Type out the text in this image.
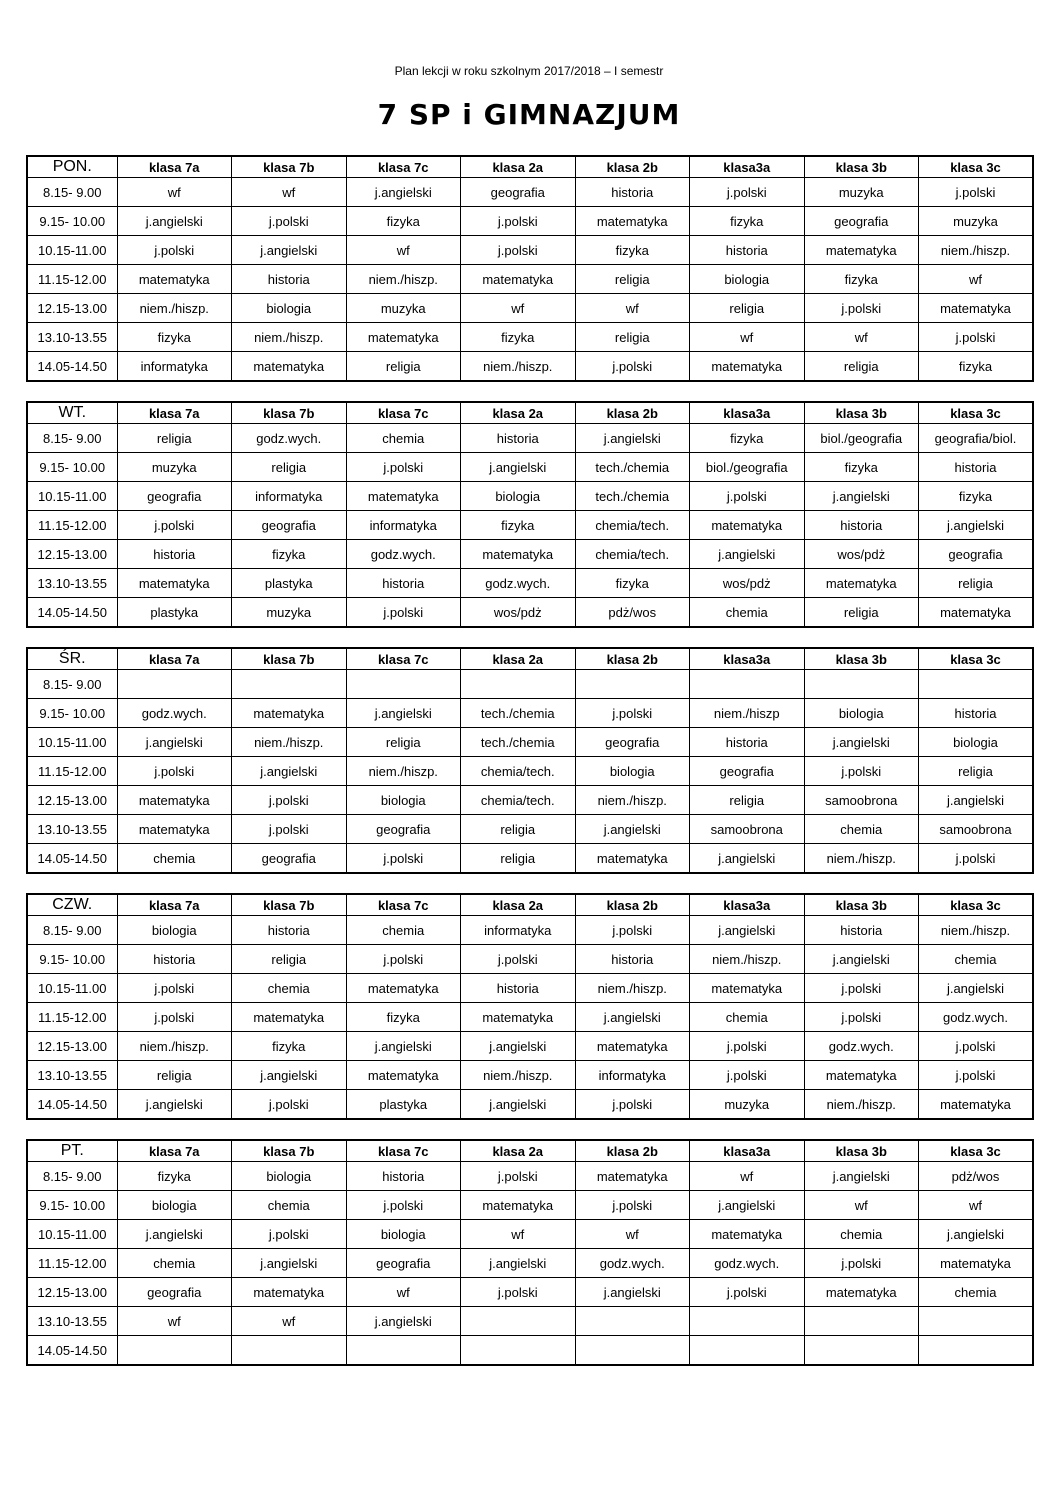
Plan lekcji w roku szkolnym 2017/2018 – I semestr
7 SP i GIMNAZJUM
PON.	klasa 7a	klasa 7b	klasa 7c	klasa 2a	klasa 2b	klasa3a	klasa 3b	klasa 3c
8.15- 9.00	wf	wf	j.angielski	geografia	historia	j.polski	muzyka	j.polski
9.15- 10.00	j.angielski	j.polski	fizyka	j.polski	matematyka	fizyka	geografia	muzyka
10.15-11.00	j.polski	j.angielski	wf	j.polski	fizyka	historia	matematyka	niem./hiszp.
11.15-12.00	matematyka	historia	niem./hiszp.	matematyka	religia	biologia	fizyka	wf
12.15-13.00	niem./hiszp.	biologia	muzyka	wf	wf	religia	j.polski	matematyka
13.10-13.55	fizyka	niem./hiszp.	matematyka	fizyka	religia	wf	wf	j.polski
14.05-14.50	informatyka	matematyka	religia	niem./hiszp.	j.polski	matematyka	religia	fizyka
WT.	klasa 7a	klasa 7b	klasa 7c	klasa 2a	klasa 2b	klasa3a	klasa 3b	klasa 3c
8.15- 9.00	religia	godz.wych.	chemia	historia	j.angielski	fizyka	biol./geografia	geografia/biol.
9.15- 10.00	muzyka	religia	j.polski	j.angielski	tech./chemia	biol./geografia	fizyka	historia
10.15-11.00	geografia	informatyka	matematyka	biologia	tech./chemia	j.polski	j.angielski	fizyka
11.15-12.00	j.polski	geografia	informatyka	fizyka	chemia/tech.	matematyka	historia	j.angielski
12.15-13.00	historia	fizyka	godz.wych.	matematyka	chemia/tech.	j.angielski	wos/pdż	geografia
13.10-13.55	matematyka	plastyka	historia	godz.wych.	fizyka	wos/pdż	matematyka	religia
14.05-14.50	plastyka	muzyka	j.polski	wos/pdż	pdż/wos	chemia	religia	matematyka
ŚR.	klasa 7a	klasa 7b	klasa 7c	klasa 2a	klasa 2b	klasa3a	klasa 3b	klasa 3c
8.15- 9.00								
9.15- 10.00	godz.wych.	matematyka	j.angielski	tech./chemia	j.polski	niem./hiszp	biologia	historia
10.15-11.00	j.angielski	niem./hiszp.	religia	tech./chemia	geografia	historia	j.angielski	biologia
11.15-12.00	j.polski	j.angielski	niem./hiszp.	chemia/tech.	biologia	geografia	j.polski	religia
12.15-13.00	matematyka	j.polski	biologia	chemia/tech.	niem./hiszp.	religia	samoobrona	j.angielski
13.10-13.55	matematyka	j.polski	geografia	religia	j.angielski	samoobrona	chemia	samoobrona
14.05-14.50	chemia	geografia	j.polski	religia	matematyka	j.angielski	niem./hiszp.	j.polski
CZW.	klasa 7a	klasa 7b	klasa 7c	klasa 2a	klasa 2b	klasa3a	klasa 3b	klasa 3c
8.15- 9.00	biologia	historia	chemia	informatyka	j.polski	j.angielski	historia	niem./hiszp.
9.15- 10.00	historia	religia	j.polski	j.polski	historia	niem./hiszp.	j.angielski	chemia
10.15-11.00	j.polski	chemia	matematyka	historia	niem./hiszp.	matematyka	j.polski	j.angielski
11.15-12.00	j.polski	matematyka	fizyka	matematyka	j.angielski	chemia	j.polski	godz.wych.
12.15-13.00	niem./hiszp.	fizyka	j.angielski	j.angielski	matematyka	j.polski	godz.wych.	j.polski
13.10-13.55	religia	j.angielski	matematyka	niem./hiszp.	informatyka	j.polski	matematyka	j.polski
14.05-14.50	j.angielski	j.polski	plastyka	j.angielski	j.polski	muzyka	niem./hiszp.	matematyka
PT.	klasa 7a	klasa 7b	klasa 7c	klasa 2a	klasa 2b	klasa3a	klasa 3b	klasa 3c
8.15- 9.00	fizyka	biologia	historia	j.polski	matematyka	wf	j.angielski	pdż/wos
9.15- 10.00	biologia	chemia	j.polski	matematyka	j.polski	j.angielski	wf	wf
10.15-11.00	j.angielski	j.polski	biologia	wf	wf	matematyka	chemia	j.angielski
11.15-12.00	chemia	j.angielski	geografia	j.angielski	godz.wych.	godz.wych.	j.polski	matematyka
12.15-13.00	geografia	matematyka	wf	j.polski	j.angielski	j.polski	matematyka	chemia
13.10-13.55	wf	wf	j.angielski					
14.05-14.50								
